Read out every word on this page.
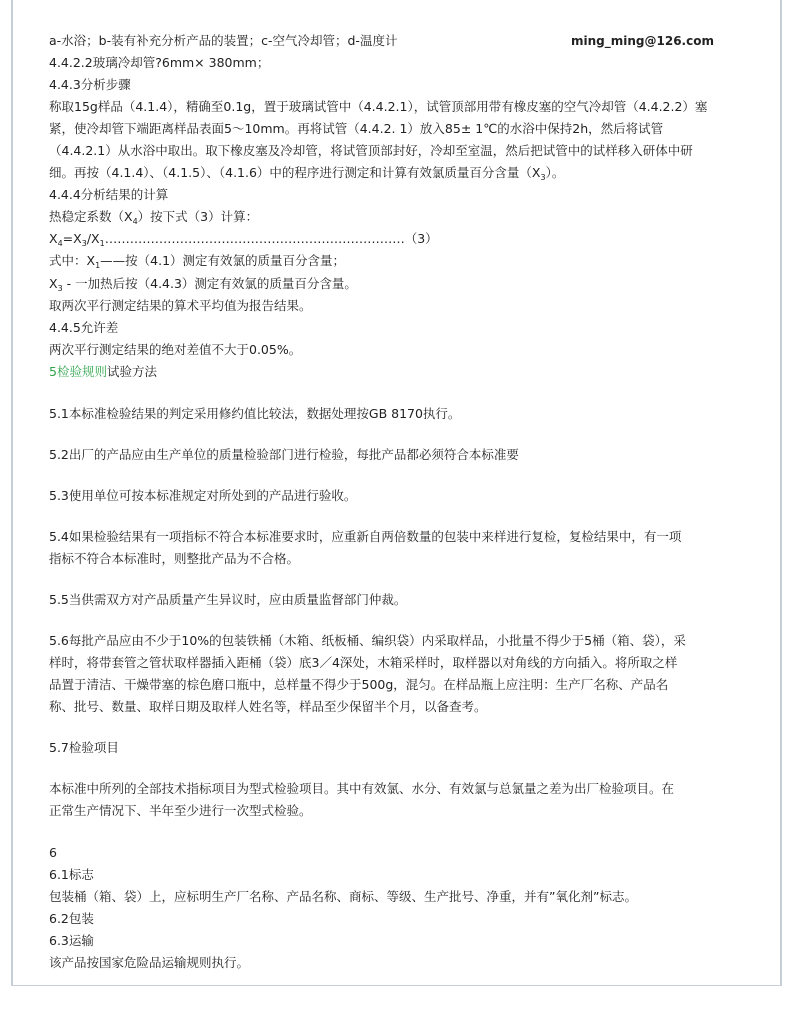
a-水浴；b-装有补充分析产品的装置；c-空气冷却管；d-温度计	ming_ming@126.com
4.4.2.2玻璃冷却管?6mm× 380mm；
4.4.3分析步骤
称取15g样品（4.1.4），精确至0.1g，置于玻璃试管中（4.4.2.1），试管顶部用带有橡皮塞的空气冷却管（4.4.2.2）塞
紧，使冷却管下端距离样品表面5～10mm。再将试管（4.4.2. 1）放入85± 1℃的水浴中保持2h，然后将试管
（4.4.2.1）从水浴中取出。取下橡皮塞及冷却管，将试管顶部封好，冷却至室温，然后把试管中的试样移入研体中研
细。再按（4.1.4）、（4.1.5）、（4.1.6）中的程序进行测定和计算有效氯质量百分含量$(X_3)$。
4.4.4分析结果的计算
热稳定系数$(X_4)$按下式（3）计算：
$X_4=X_3/X_1\dots\dots\dots\dots\dots\dots\dots\dots\dots\dots\dots\dots\dots\dots\dots\dots\dots\dots\dots\dots\dots\dots\dots\dots(3)$
式中：$X_1——$按（4.1）测定有效氯的质量百分含量；
$X_3$ - 一加热后按（4.4.3）测定有效氯的质量百分含量。
取两次平行测定结果的算术平均值为报告结果。
4.4.5允许差
两次平行测定结果的绝对差值不大于0.05%。
5检验规则试验方法
5.1本标准检验结果的判定采用修约值比较法，数据处理按GB 8170执行。
5.2出厂的产品应由生产单位的质量检验部门进行检验，每批产品都必须符合本标准要
5.3使用单位可按本标准规定对所处到的产品进行验收。
5.4如果检验结果有一项指标不符合本标准要求时，应重新自两倍数量的包装中来样进行复检，复检结果中，有一项
指标不符合本标准时，则整批产品为不合格。
5.5当供需双方对产品质量产生异议时，应由质量监督部门仲裁。
5.6每批产品应由不少于10%的包装铁桶（木箱、纸板桶、编织袋）内采取样品，小批量不得少于5桶（箱、袋），采
样时，将带套管之管状取样器插入距桶（袋）底3／4深处，木箱采样时，取样器以对角线的方向插入。将所取之样
品置于清洁、干燥带塞的棕色磨口瓶中，总样量不得少于500g，混匀。在样品瓶上应注明：生产厂名称、产品名
称、批号、数量、取样日期及取样人姓名等，样品至少保留半个月，以备查考。
5.7检验项目
本标准中所列的全部技术指标项目为型式检验项目。其中有效氯、水分、有效氯与总氯量之差为出厂检验项目。在
正常生产情况下、半年至少进行一次型式检验。
6
6.1标志
包装桶（箱、袋）上，应标明生产厂名称、产品名称、商标、等级、生产批号、净重，并有”氧化剂”标志。
6.2包装
6.3运输
该产品按国家危险品运输规则执行。
